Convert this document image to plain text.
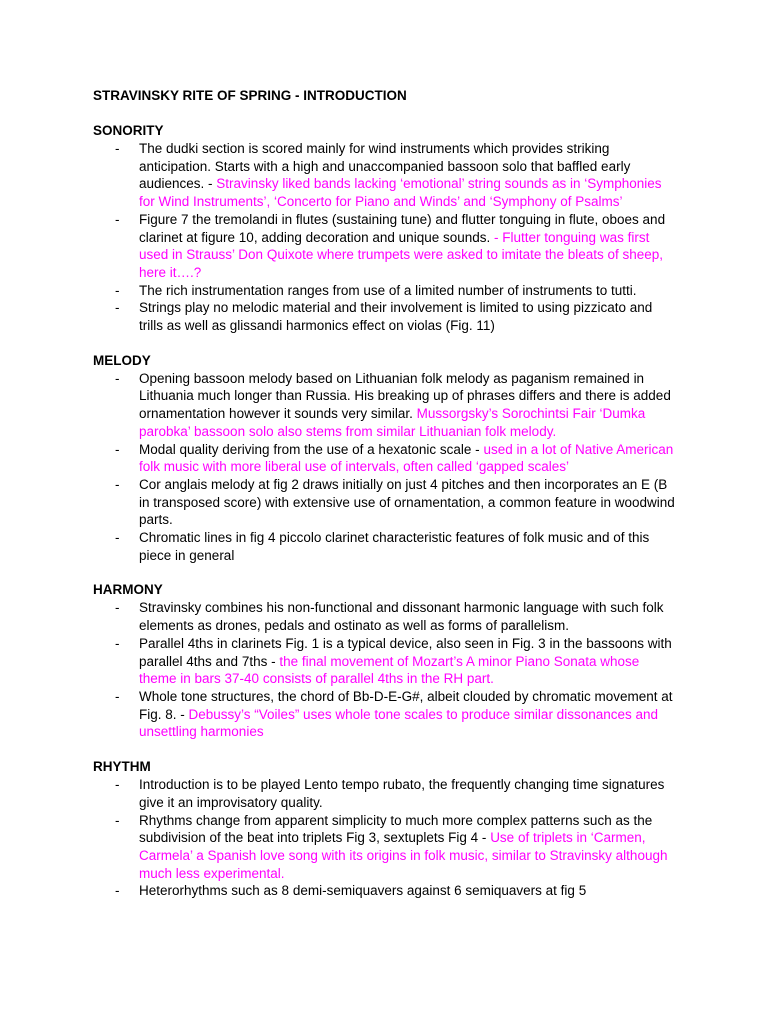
STRAVINSKY RITE OF SPRING - INTRODUCTION
SONORITY
- The dudki section is scored mainly for wind instruments which provides striking anticipation. Starts with a high and unaccompanied bassoon solo that baffled early audiences. - Stravinsky liked bands lacking ‘emotional’ string sounds as in ‘Symphonies for Wind Instruments’, ‘Concerto for Piano and Winds’ and ‘Symphony of Psalms’
- Figure 7 the tremolandi in flutes (sustaining tune) and flutter tonguing in flute, oboes and clarinet at figure 10, adding decoration and unique sounds. - Flutter tonguing was first used in Strauss’ Don Quixote where trumpets were asked to imitate the bleats of sheep, here it….?
- The rich instrumentation ranges from use of a limited number of instruments to tutti.
- Strings play no melodic material and their involvement is limited to using pizzicato and trills as well as glissandi harmonics effect on violas (Fig. 11)
MELODY
- Opening bassoon melody based on Lithuanian folk melody as paganism remained in Lithuania much longer than Russia. His breaking up of phrases differs and there is added ornamentation however it sounds very similar. Mussorgsky’s Sorochintsi Fair ‘Dumka parobka’ bassoon solo also stems from similar Lithuanian folk melody.
- Modal quality deriving from the use of a hexatonic scale - used in a lot of Native American folk music with more liberal use of intervals, often called ‘gapped scales’
- Cor anglais melody at fig 2 draws initially on just 4 pitches and then incorporates an E (B in transposed score) with extensive use of ornamentation, a common feature in woodwind parts.
- Chromatic lines in fig 4 piccolo clarinet characteristic features of folk music and of this piece in general
HARMONY
- Stravinsky combines his non-functional and dissonant harmonic language with such folk elements as drones, pedals and ostinato as well as forms of parallelism.
- Parallel 4ths in clarinets Fig. 1 is a typical device, also seen in Fig. 3 in the bassoons with parallel 4ths and 7ths - the final movement of Mozart’s A minor Piano Sonata whose theme in bars 37-40 consists of parallel 4ths in the RH part.
- Whole tone structures, the chord of Bb-D-E-G#, albeit clouded by chromatic movement at Fig. 8. - Debussy’s “Voiles” uses whole tone scales to produce similar dissonances and unsettling harmonies
RHYTHM
- Introduction is to be played Lento tempo rubato, the frequently changing time signatures give it an improvisatory quality.
- Rhythms change from apparent simplicity to much more complex patterns such as the subdivision of the beat into triplets Fig 3, sextuplets Fig 4 - Use of triplets in ‘Carmen, Carmela’ a Spanish love song with its origins in folk music, similar to Stravinsky although much less experimental.
- Heterorhythms such as 8 demi-semiquavers against 6 semiquavers at fig 5
